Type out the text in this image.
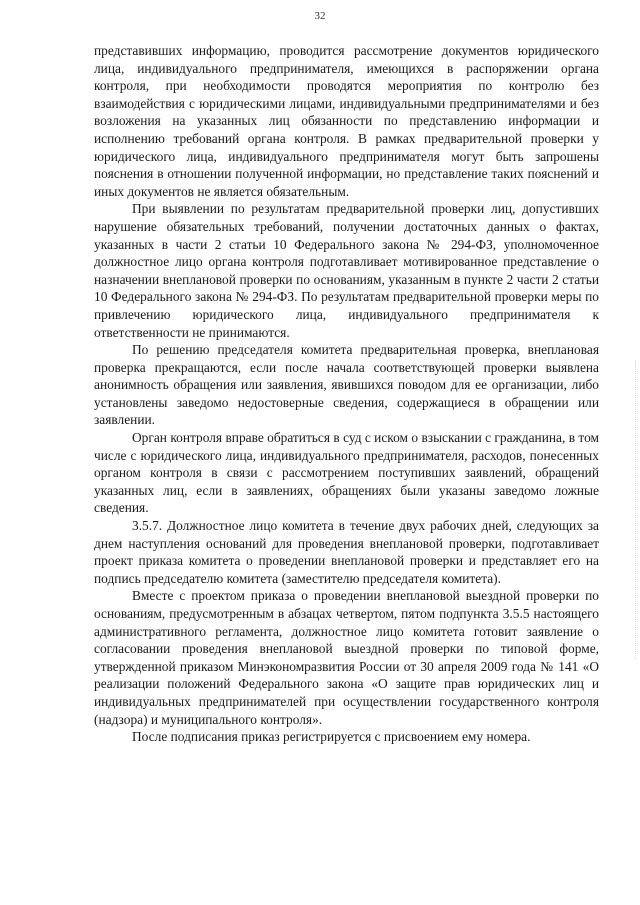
32

представивших информацию, проводится рассмотрение документов юридического лица, индивидуального предпринимателя, имеющихся в распоряжении органа контроля, при необходимости проводятся мероприятия по контролю без взаимодействия с юридическими лицами, индивидуальными предпринимателями и без возложения на указанных лиц обязанности по представлению информации и исполнению требований органа контроля. В рамках предварительной проверки у юридического лица, индивидуального предпринимателя могут быть запрошены пояснения в отношении полученной информации, но представление таких пояснений и иных документов не является обязательным.

При выявлении по результатам предварительной проверки лиц, допустивших нарушение обязательных требований, получении достаточных данных о фактах, указанных в части 2 статьи 10 Федерального закона № 294-ФЗ, уполномоченное должностное лицо органа контроля подготавливает мотивированное представление о назначении внеплановой проверки по основаниям, указанным в пункте 2 части 2 статьи 10 Федерального закона № 294-ФЗ. По результатам предварительной проверки меры по привлечению юридического лица, индивидуального предпринимателя к ответственности не принимаются.

По решению председателя комитета предварительная проверка, внеплановая проверка прекращаются, если после начала соответствующей проверки выявлена анонимность обращения или заявления, явившихся поводом для ее организации, либо установлены заведомо недостоверные сведения, содержащиеся в обращении или заявлении.

Орган контроля вправе обратиться в суд с иском о взыскании с гражданина, в том числе с юридического лица, индивидуального предпринимателя, расходов, понесенных органом контроля в связи с рассмотрением поступивших заявлений, обращений указанных лиц, если в заявлениях, обращениях были указаны заведомо ложные сведения.

3.5.7. Должностное лицо комитета в течение двух рабочих дней, следующих за днем наступления оснований для проведения внеплановой проверки, подготавливает проект приказа комитета о проведении внеплановой проверки и представляет его на подпись председателю комитета (заместителю председателя комитета).

Вместе с проектом приказа о проведении внеплановой выездной проверки по основаниям, предусмотренным в абзацах четвертом, пятом подпункта 3.5.5 настоящего административного регламента, должностное лицо комитета готовит заявление о согласовании проведения внеплановой выездной проверки по типовой форме, утвержденной приказом Минэкономразвития России от 30 апреля 2009 года № 141 «О реализации положений Федерального закона «О защите прав юридических лиц и индивидуальных предпринимателей при осуществлении государственного контроля (надзора) и муниципального контроля».

После подписания приказ регистрируется с присвоением ему номера.
